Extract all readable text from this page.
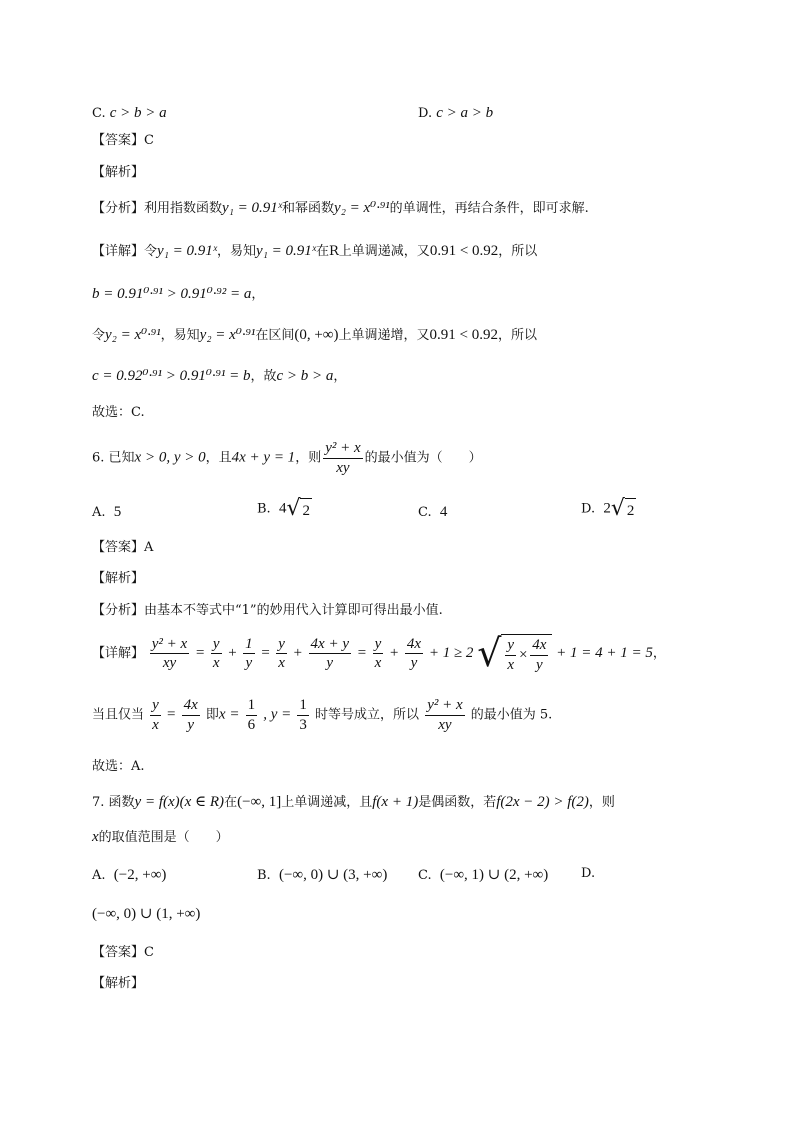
C. c > b > a	D. c > a > b
【答案】C
【解析】
【分析】利用指数函数y₁ = 0.91ˣ和幂函数y₂ = x⁰·⁹¹的单调性，再结合条件，即可求解.
【详解】令y₁ = 0.91ˣ，易知y₁ = 0.91ˣ在R上单调递减，又0.91 < 0.92，所以
b = 0.91⁰·⁹¹ > 0.91⁰·⁹² = a，
令y₂ = x⁰·⁹¹，易知y₂ = x⁰·⁹¹在区间(0, +∞)上单调递增，又0.91 < 0.92，所以
c = 0.92⁰·⁹¹ > 0.91⁰·⁹¹ = b，故c > b > a，
故选：C.
6. 已知x > 0, y > 0，且4x + y = 1，则 $\frac{\text{y² + x}}{xy}$ 的最小值为（　　）
A. 5	B. 4 √ 2	C. 4	D. 2 √ 2
【答案】A
【解析】
【分析】由基本不等式中“1”的妙用代入计算即可得出最小值.
【详解】 $\frac{\text{y² + x}}{xy} = \frac{y}{x} + \frac{1}{y} = \frac{y}{x} + \frac{4x + y}{y} = \frac{y}{x} + \frac{4x}{y} + 1 \ge 2$ √ $\frac{y}{x} \times \frac{4x}{y} + 1 = 4 + 1 = 5$，
当且仅当 $\frac{y}{x} = \frac{4x}{y}$ 即$x = \frac{1}{6}$ , $y = \frac{1}{3}$ 时等号成立，所以 $\frac{\text{y² + x}}{xy}$ 的最小值为 5.
故选：A.
7. 函数y = f(x)(x ∈ R)在(−∞, 1]上单调递减，且f(x + 1)是偶函数，若f(2x − 2) > f(2)，则
x的取值范围是（　　）
A. (−2, +∞)	B. (−∞, 0) ∪ (3, +∞) C. (−∞, 1) ∪ (2, +∞)	D.
(−∞, 0) ∪ (1, +∞)
【答案】C
【解析】
